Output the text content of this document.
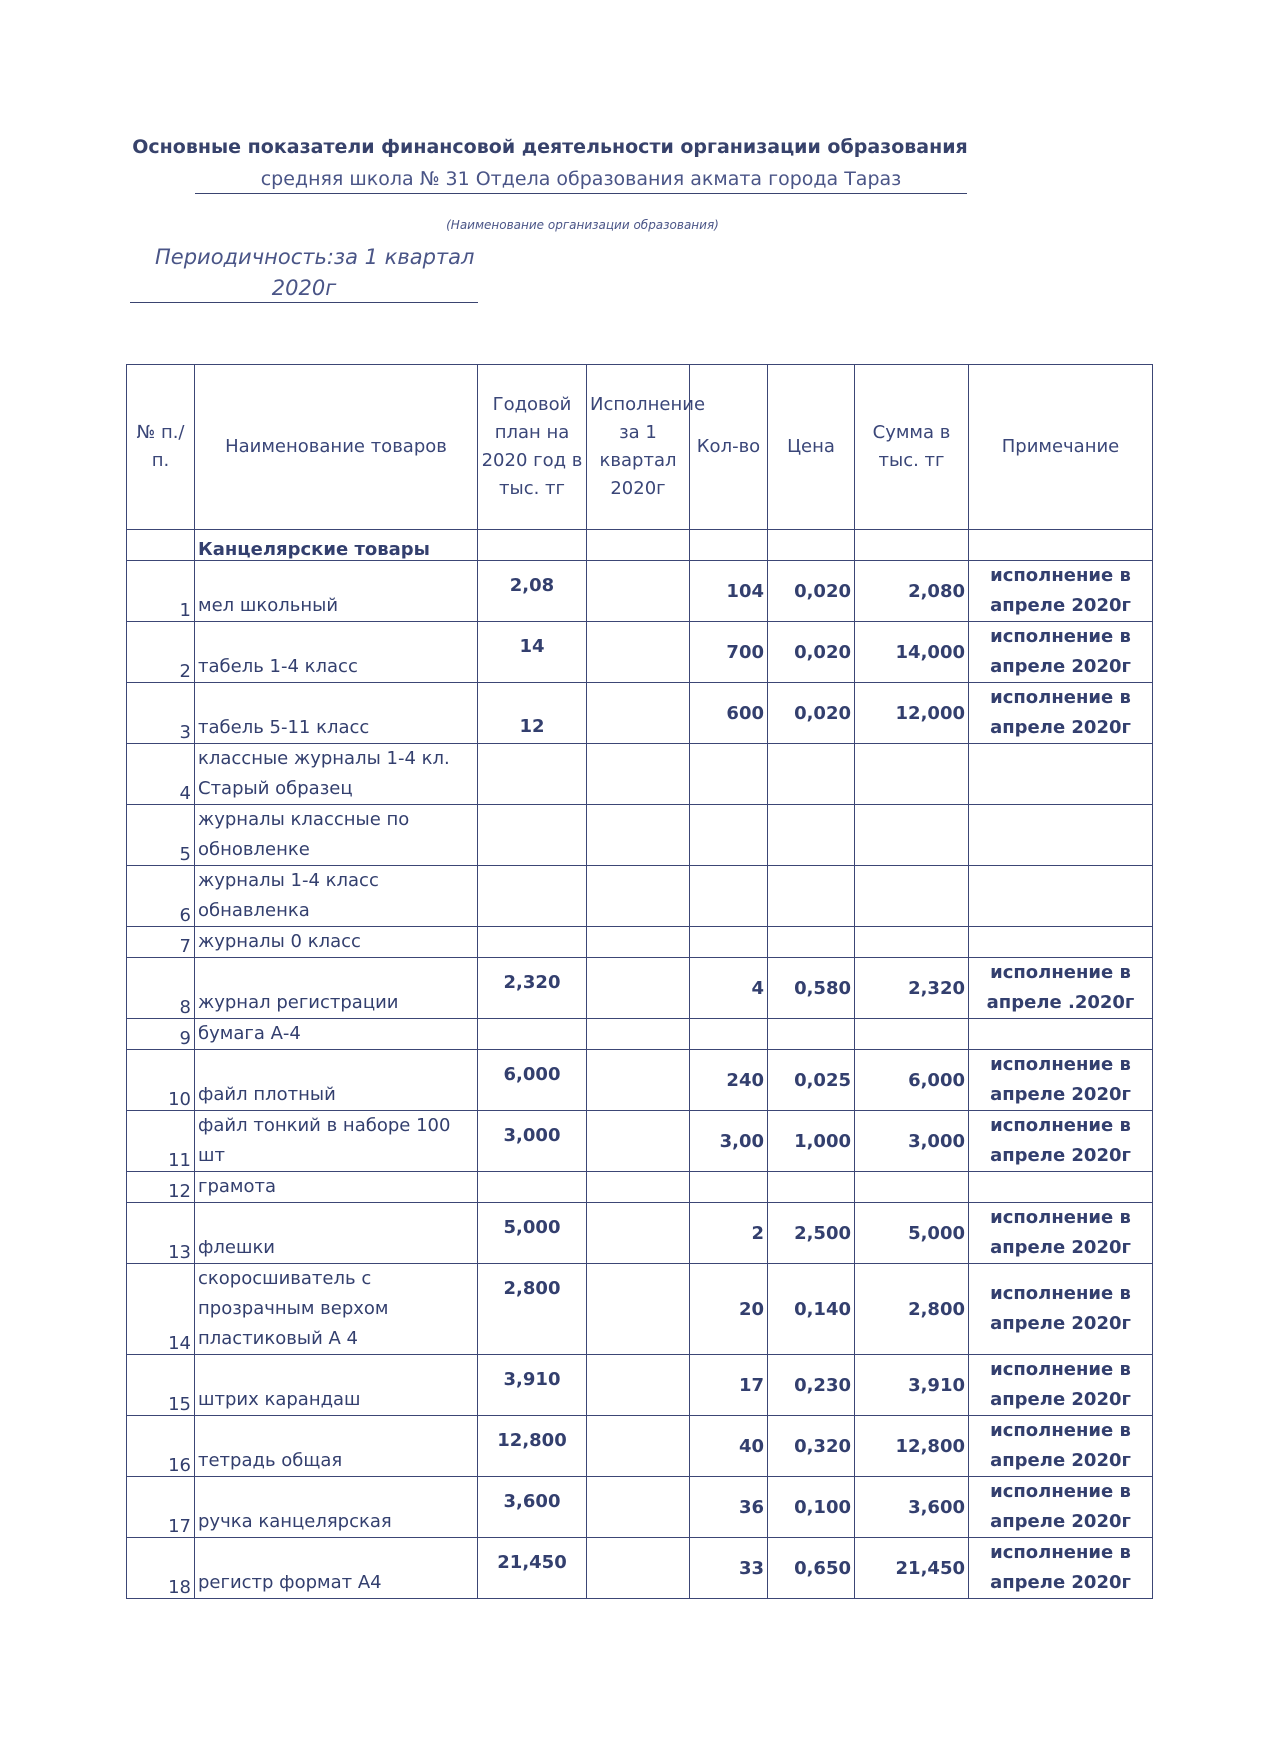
Основные показатели финансовой деятельности организации образования
средняя школа № 31 Отдела образования акмата города Тараз
(Наименование организации образования)
Периодичность:за 1 квартал
2020г
№ п./п.	Наименование товаров	Годовой план на 2020 год в тыс. тг	Исполнение за 1 квартал 2020г	Кол-во	Цена	Сумма в тыс. тг	Примечание
	Канцелярские товары						
1	мел школьный	2,08		104	0,020	2,080	исполнение в апреле 2020г
2	табель 1-4 класс	14		700	0,020	14,000	исполнение в апреле 2020г
3	табель 5-11 класс	12		600	0,020	12,000	исполнение в апреле 2020г
4	классные журналы 1-4 кл. Старый образец						
5	журналы классные по обновленке						
6	журналы 1-4 класс обнавленка						
7	журналы 0 класс						
8	журнал регистрации	2,320		4	0,580	2,320	исполнение в апреле .2020г
9	бумага А-4						
10	файл плотный	6,000		240	0,025	6,000	исполнение в апреле 2020г
11	файл тонкий в наборе 100 шт	3,000		3,00	1,000	3,000	исполнение в апреле 2020г
12	грамота						
13	флешки	5,000		2	2,500	5,000	исполнение в апреле 2020г
14	скоросшиватель с прозрачным верхом пластиковый А 4	2,800		20	0,140	2,800	исполнение в апреле 2020г
15	штрих карандаш	3,910		17	0,230	3,910	исполнение в апреле 2020г
16	тетрадь общая	12,800		40	0,320	12,800	исполнение в апреле 2020г
17	ручка канцелярская	3,600		36	0,100	3,600	исполнение в апреле 2020г
18	регистр формат А4	21,450		33	0,650	21,450	исполнение в апреле 2020г
